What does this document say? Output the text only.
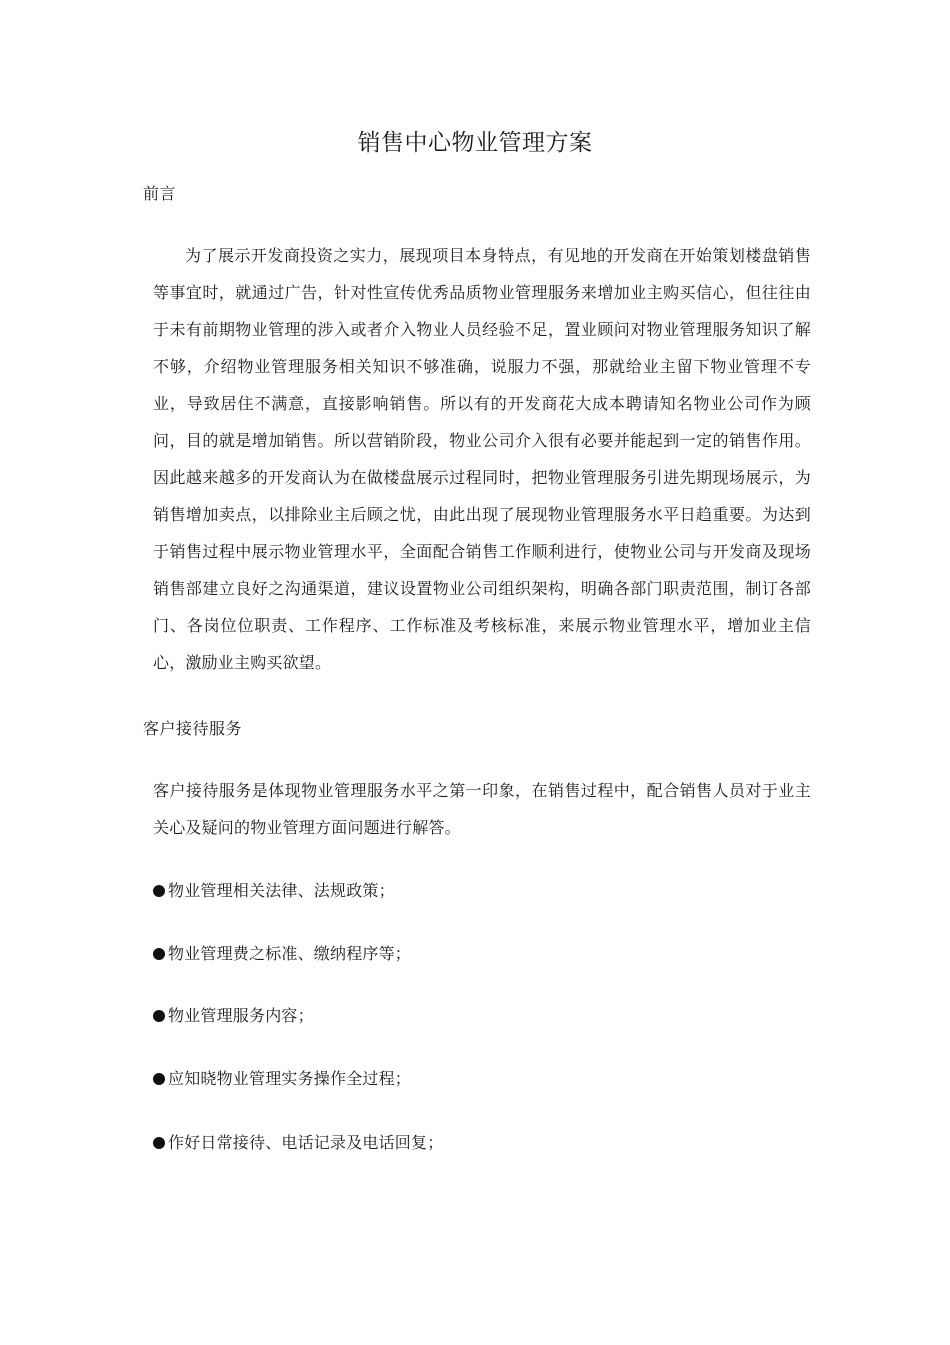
销售中心物业管理方案
前言

为了展示开发商投资之实力，展现项目本身特点，有见地的开发商在开始策划楼盘销售等事宜时，就通过广告，针对性宣传优秀品质物业管理服务来增加业主购买信心，但往往由于未有前期物业管理的涉入或者介入物业人员经验不足，置业顾问对物业管理服务知识了解不够，介绍物业管理服务相关知识不够准确，说服力不强，那就给业主留下物业管理不专业，导致居住不满意，直接影响销售。所以有的开发商花大成本聘请知名物业公司作为顾问，目的就是增加销售。所以营销阶段，物业公司介入很有必要并能起到一定的销售作用。因此越来越多的开发商认为在做楼盘展示过程同时，把物业管理服务引进先期现场展示，为销售增加卖点，以排除业主后顾之忧，由此出现了展现物业管理服务水平日趋重要。为达到于销售过程中展示物业管理水平，全面配合销售工作顺利进行，使物业公司与开发商及现场销售部建立良好之沟通渠道，建议设置物业公司组织架构，明确各部门职责范围，制订各部门、各岗位位职责、工作程序、工作标准及考核标准，来展示物业管理水平，增加业主信心，激励业主购买欲望。

客户接待服务

客户接待服务是体现物业管理服务水平之第一印象，在销售过程中，配合销售人员对于业主关心及疑问的物业管理方面问题进行解答。

物业管理相关法律、法规政策；
物业管理费之标准、缴纳程序等；
物业管理服务内容；
应知晓物业管理实务操作全过程；
作好日常接待、电话记录及电话回复；
